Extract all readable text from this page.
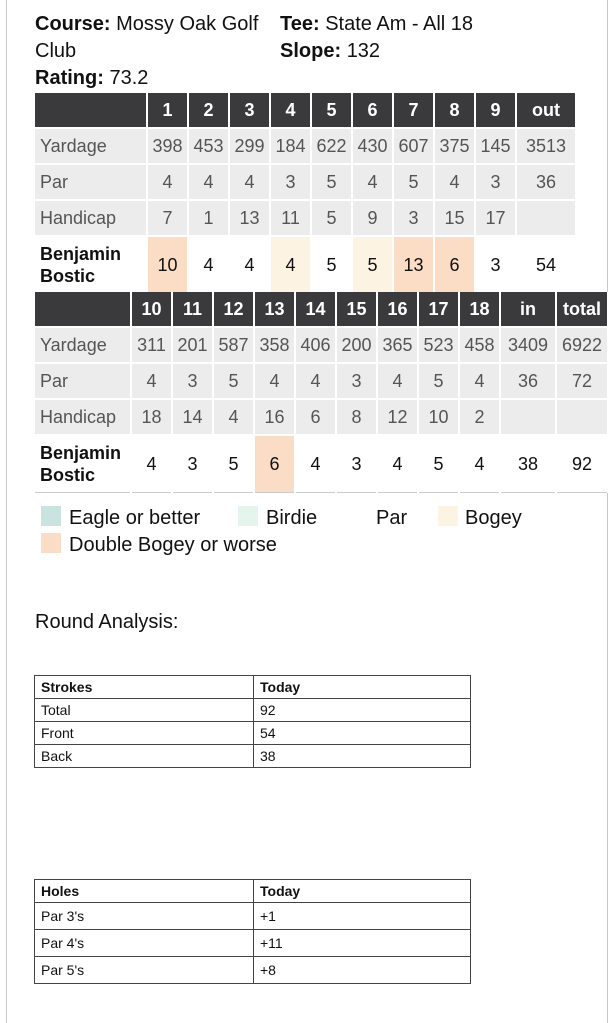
Course: Mossy Oak Golf Club
Tee: State Am - All 18
Slope: 132
Rating: 73.2
	1	2	3	4	5	6	7	8	9	out
Yardage	398	453	299	184	622	430	607	375	145	3513
Par	4	4	4	3	5	4	5	4	3	36
Handicap	7	1	13	11	5	9	3	15	17	
Benjamin Bostic	10	4	4	4	5	5	13	6	3	54
	10	11	12	13	14	15	16	17	18	in	total
Yardage	311	201	587	358	406	200	365	523	458	3409	6922
Par	4	3	5	4	4	3	4	5	4	36	72
Handicap	18	14	4	16	6	8	12	10	2		
Benjamin Bostic	4	3	5	6	4	3	4	5	4	38	92
Eagle or better	Birdie	Par	Bogey
Double Bogey or worse
Round Analysis:
Strokes	Today
Total	92
Front	54
Back	38
Holes	Today
Par 3's	+1
Par 4's	+11
Par 5's	+8
